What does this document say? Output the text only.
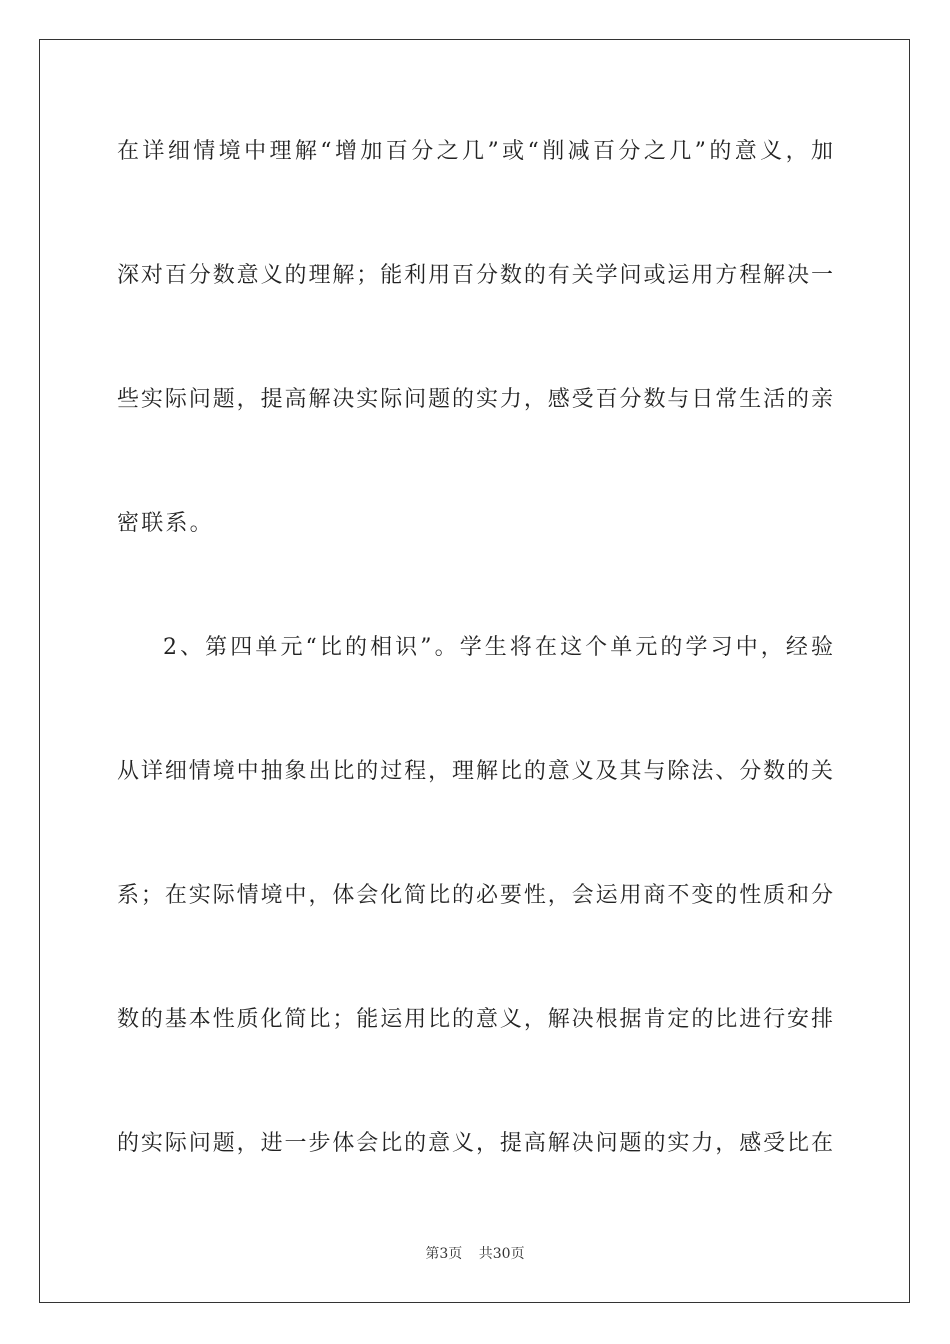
在详细情境中理解“增加百分之几”或“削减百分之几”的意义，加
深对百分数意义的理解；能利用百分数的有关学问或运用方程解决一
些实际问题，提高解决实际问题的实力，感受百分数与日常生活的亲
密联系。
2、第四单元“比的相识”。学生将在这个单元的学习中，经验
从详细情境中抽象出比的过程，理解比的意义及其与除法、分数的关
系；在实际情境中，体会化简比的必要性，会运用商不变的性质和分
数的基本性质化简比；能运用比的意义，解决根据肯定的比进行安排
的实际问题，进一步体会比的意义，提高解决问题的实力，感受比在
第3页 共30页
